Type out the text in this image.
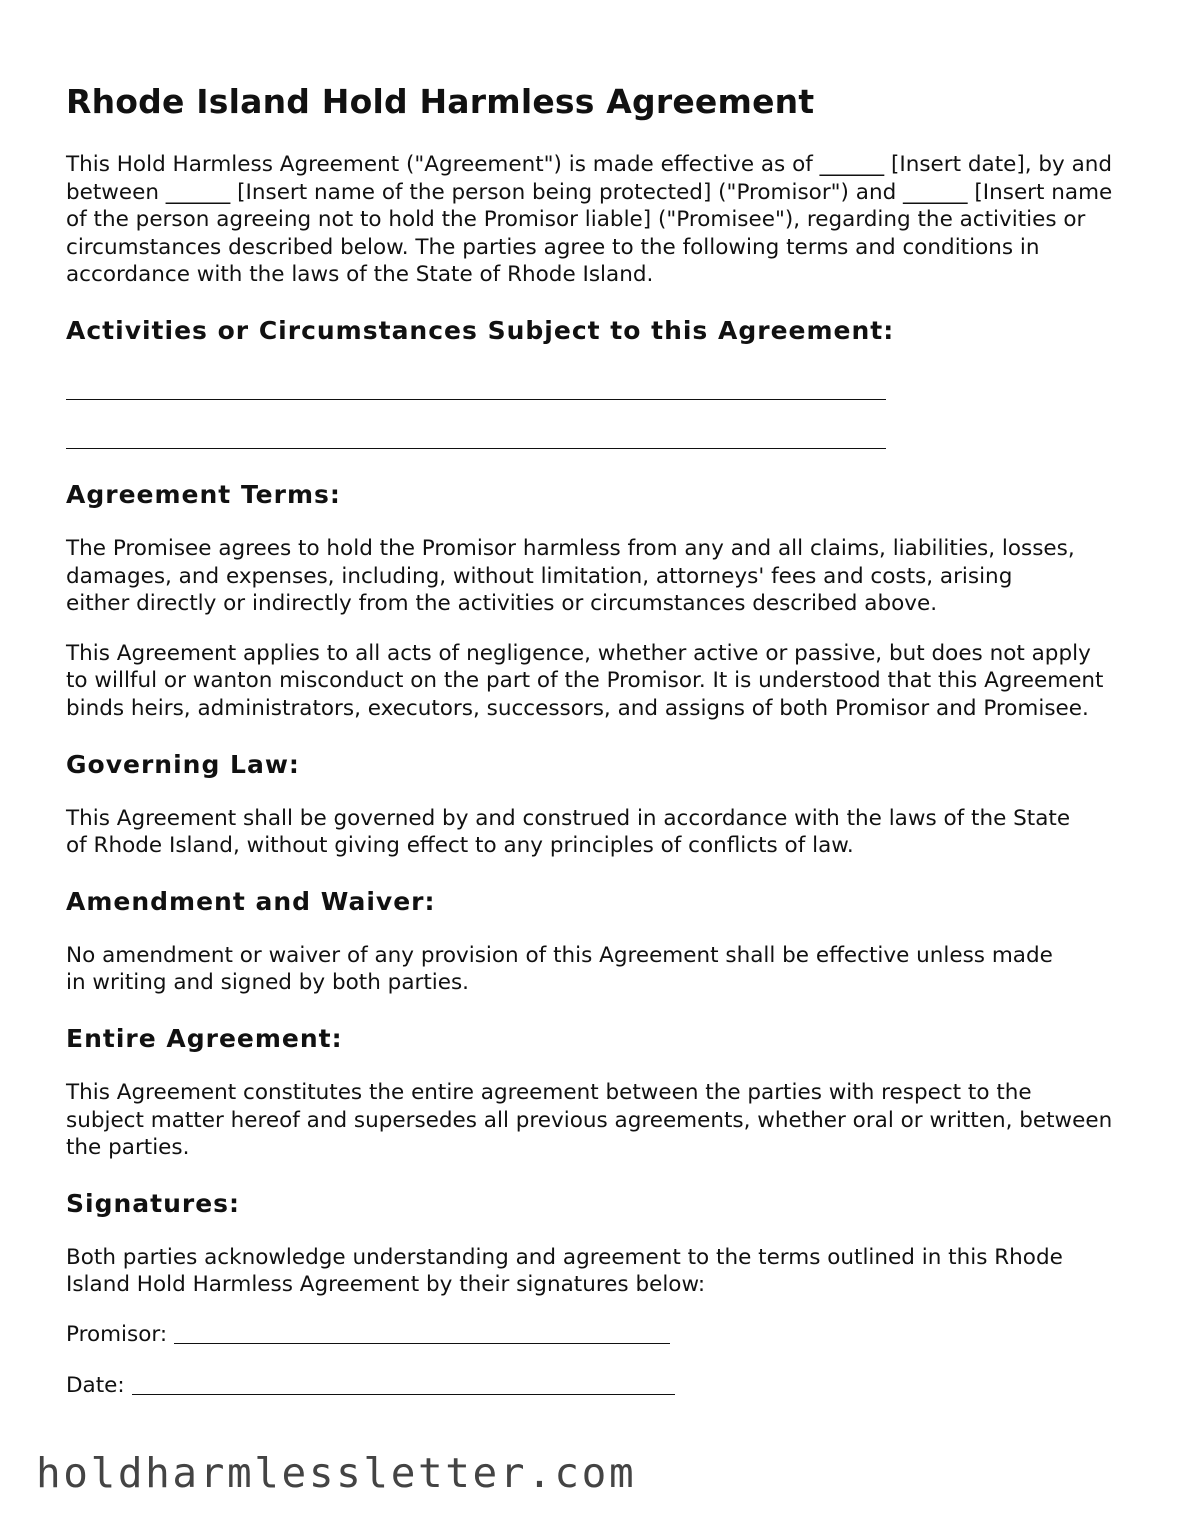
Rhode Island Hold Harmless Agreement

This Hold Harmless Agreement ("Agreement") is made effective as of ______ [Insert date], by and between ______ [Insert name of the person being protected] ("Promisor") and ______ [Insert name of the person agreeing not to hold the Promisor liable] ("Promisee"), regarding the activities or circumstances described below. The parties agree to the following terms and conditions in accordance with the laws of the State of Rhode Island.

Activities or Circumstances Subject to this Agreement:
Agreement Terms:

The Promisee agrees to hold the Promisor harmless from any and all claims, liabilities, losses, damages, and expenses, including, without limitation, attorneys' fees and costs, arising either directly or indirectly from the activities or circumstances described above.

This Agreement applies to all acts of negligence, whether active or passive, but does not apply to willful or wanton misconduct on the part of the Promisor. It is understood that this Agreement binds heirs, administrators, executors, successors, and assigns of both Promisor and Promisee.

Governing Law:

This Agreement shall be governed by and construed in accordance with the laws of the State of Rhode Island, without giving effect to any principles of conflicts of law.

Amendment and Waiver:

No amendment or waiver of any provision of this Agreement shall be effective unless made in writing and signed by both parties.

Entire Agreement:

This Agreement constitutes the entire agreement between the parties with respect to the subject matter hereof and supersedes all previous agreements, whether oral or written, between the parties.

Signatures:

Both parties acknowledge understanding and agreement to the terms outlined in this Rhode Island Hold Harmless Agreement by their signatures below:

Promisor:
Date:
holdharmlessletter.com
